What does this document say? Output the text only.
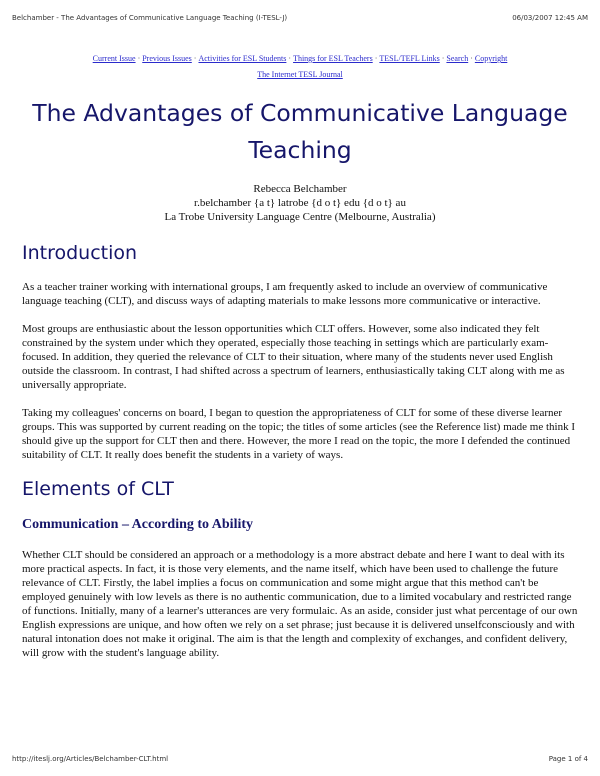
Belchamber - The Advantages of Communicative Language Teaching (I-TESL-J)	06/03/2007 12:45 AM
Current Issue · Previous Issues · Activities for ESL Students · Things for ESL Teachers · TESL/TEFL Links · Search · Copyright
The Internet TESL Journal
The Advantages of Communicative Language Teaching
Rebecca Belchamber
r.belchamber {a t} latrobe {d o t} edu {d o t} au
La Trobe University Language Centre (Melbourne, Australia)
Introduction

As a teacher trainer working with international groups, I am frequently asked to include an overview of communicative language teaching (CLT), and discuss ways of adapting materials to make lessons more communicative or interactive.

Most groups are enthusiastic about the lesson opportunities which CLT offers. However, some also indicated they felt constrained by the system under which they operated, especially those teaching in settings which are particularly exam-focused. In addition, they queried the relevance of CLT to their situation, where many of the students never used English outside the classroom. In contrast, I had shifted across a spectrum of learners, enthusiastically taking CLT along with me as universally appropriate.

Taking my colleagues' concerns on board, I began to question the appropriateness of CLT for some of these diverse learner groups. This was supported by current reading on the topic; the titles of some articles (see the Reference list) made me think I should give up the support for CLT then and there. However, the more I read on the topic, the more I defended the continued suitability of CLT. It really does benefit the students in a variety of ways.

Elements of CLT
Communication – According to Ability

Whether CLT should be considered an approach or a methodology is a more abstract debate and here I want to deal with its more practical aspects. In fact, it is those very elements, and the name itself, which have been used to challenge the future relevance of CLT. Firstly, the label implies a focus on communication and some might argue that this method can't be employed genuinely with low levels as there is no authentic communication, due to a limited vocabulary and restricted range of functions. Initially, many of a learner's utterances are very formulaic. As an aside, consider just what percentage of our own English expressions are unique, and how often we rely on a set phrase; just because it is delivered unselfconsciously and with natural intonation does not make it original. The aim is that the length and complexity of exchanges, and confident delivery, will grow with the student's language ability.

http://iteslj.org/Articles/Belchamber-CLT.html	Page 1 of 4
